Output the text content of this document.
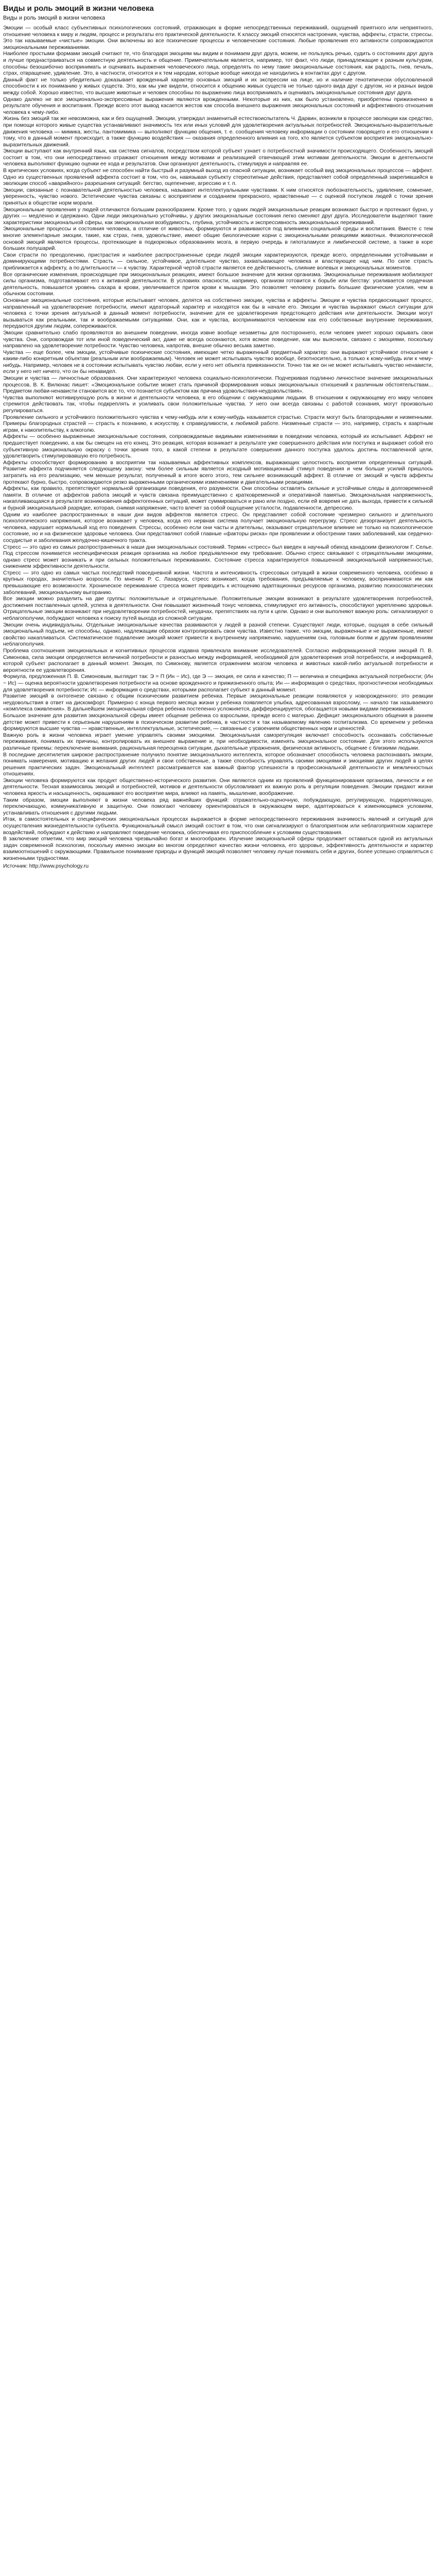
Виды и роль эмоций в жизни человека
Виды и роль эмоций в жизни человека

Эмоции — особый класс субъективных психологических состояний, отражающих в форме непосредственных переживаний, ощущений приятного или неприятного, отношение человека к миру и людям, процесс и результаты его практической деятельности. К классу эмоций относятся настроения, чувства, аффекты, страсти, стрессы. Это так называемые «чистые» эмоции. Они включены во все психические процессы и человеческие состояния. Любые проявления его активности сопровождаются эмоциональными переживаниями.

Наиболее простыми формами эмоций считают те, что благодаря эмоциям мы видим и понимаем друг друга, можем, не пользуясь речью, судить о состояниях друг друга и лучше преднастраиваться на совместную деятельность и общение. Примечательным является, например, тот факт, что люди, принадлежащие к разным культурам, способны безошибочно воспринимать и оценивать выражения человеческого лица, определять по нему такие эмоциональные состояния, как радость, гнев, печаль, страх, отвращение, удивление. Это, в частности, относится и к тем народам, которые вообще никогда не находились в контактах друг с другом.

Данный факт не только убедительно доказывает врожденный характер основных эмоций и их экспрессии на лице, но и наличие генотипически обусловленной способности к их пониманию у живых существ. Это, как мы уже видели, относится к общению живых существ не только одного вида друг с другом, но и разных видов между собой. Хорошо известно, что высшие животные и человек способны по выражению лица воспринимать и оценивать эмоциональные состояния друг друга.

Однако далеко не все эмоционально-экспрессивные выражения являются врожденными. Некоторые из них, как было установлено, приобретены прижизненно в результате обучения и воспитания. Прежде всего этот вывод касается жестов как способа внешнего выражения эмоциональных состояний и аффективного отношения человека к чему-либо.

Жизнь без эмоций так же невозможна, как и без ощущений. Эмоции, утверждал знаменитый естествоиспытатель Ч. Дарвин, возникли в процессе эволюции как средство, при помощи которого живые существа устанавливают значимость тех или иных условий для удовлетворения актуальных потребностей. Эмоционально-выразительные движения человека — мимика, жесты, пантомимика — выполняют функцию общения, т. е. сообщения человеку информации о состоянии говорящего и его отношении к тому, что в данный момент происходит, а также функцию воздействия — оказания определенного влияния на того, кто является субъектом восприятия эмоционально-выразительных движений.

Эмоции выступают как внутренний язык, как система сигналов, посредством которой субъект узнает о потребностной значимости происходящего. Особенность эмоций состоит в том, что они непосредственно отражают отношения между мотивами и реализацией отвечающей этим мотивам деятельности. Эмоции в деятельности человека выполняют функцию оценки ее хода и результатов. Они организуют деятельность, стимулируя и направляя ее.

В критических условиях, когда субъект не способен найти быстрый и разумный выход из опасной ситуации, возникает особый вид эмоциональных процессов — аффект. Одно из существенных проявлений аффекта состоит в том, что он, навязывая субъекту стереотипные действия, представляет собой определенный закрепившийся в эволюции способ «аварийного» разрешения ситуаций: бегство, оцепенение, агрессию и т. п.

Эмоции, связанные с познавательной деятельностью человека, называют интеллектуальными чувствами. К ним относятся любознательность, удивление, сомнение, уверенность, чувство нового. Эстетические чувства связаны с восприятием и созданием прекрасного, нравственные — с оценкой поступков людей с точки зрения принятых в обществе норм морали.

Эмоциональные проявления у людей отличаются большим разнообразием. Кроме того, у одних людей эмоциональные реакции возникают быстро и протекают бурно, у других — медленно и сдержанно. Одни люди эмоционально устойчивы, у других эмоциональные состояния легко сменяют друг друга. Исследователи выделяют такие характеристики эмоциональной сферы, как эмоциональная возбудимость, глубина, устойчивость и экспрессивность эмоциональных переживаний.

Эмоциональные процессы и состояния человека, в отличие от животных, формируются и развиваются под влиянием социальной среды и воспитания. Вместе с тем многие элементарные эмоции, такие, как страх, гнев, удовольствие, имеют общие биологические корни с эмоциональными реакциями животных. Физиологической основой эмоций являются процессы, протекающие в подкорковых образованиях мозга, в первую очередь в гипоталамусе и лимбической системе, а также в коре больших полушарий.

Свои страсти по преодолению, пристрастия и наиболее распространенные среди людей эмоции характеризуются, прежде всего, определенными устойчивыми и доминирующими потребностями. Страсть — сильное, устойчивое, длительное чувство, захватывающее человека и властвующее над ним. По силе страсть приближается к аффекту, а по длительности — к чувству. Характерной чертой страсти является ее действенность, слияние волевых и эмоциональных моментов.

Все органические изменения, происходящие при эмоциональных реакциях, имеют большое значение для жизни организма. Эмоциональные переживания мобилизуют силы организма, подготавливают его к активной деятельности. В условиях опасности, например, организм готовится к борьбе или бегству: усиливается сердечная деятельность, повышается уровень сахара в крови, увеличивается приток крови к мышцам. Это позволяет человеку развить большие физические усилия, чем в обычном состоянии.

Основные эмоциональные состояния, которые испытывает человек, делятся на собственно эмоции, чувства и аффекты. Эмоции и чувства предвосхищают процесс, направленный на удовлетворение потребности, имеют идеаторный характер и находятся как бы в начале его. Эмоции и чувства выражают смысл ситуации для человека с точки зрения актуальной в данный момент потребности, значение для ее удовлетворения предстоящего действия или деятельности. Эмоции могут вызываться как реальными, так и воображаемыми ситуациями. Они, как и чувства, воспринимаются человеком как его собственные внутренние переживания, передаются другим людям, сопереживаются.

Эмоции сравнительно слабо проявляются во внешнем поведении, иногда извне вообще незаметны для постороннего, если человек умеет хорошо скрывать свои чувства. Они, сопровождая тот или иной поведенческий акт, даже не всегда осознаются, хотя всякое поведение, как мы выяснили, связано с эмоциями, поскольку направлено на удовлетворение потребности. Чувство человека, напротив, внешне обычно весьма заметно.

Чувства — еще более, чем эмоции, устойчивые психические состояния, имеющие четко выраженный предметный характер: они выражают устойчивое отношение к каким-либо конкретным объектам (реальным или воображаемым). Человек не может испытывать чувство вообще, безотносительно, а только к кому-нибудь или к чему-нибудь. Например, человек не в состоянии испытывать чувство любви, если у него нет объекта привязанности. Точно так же он не может испытывать чувство ненависти, если у него нет ничего, что он бы ненавидел.

Эмоции и чувства — личностные образования. Они характеризуют человека социально-психологически. Подчеркивая подлинно личностное значение эмоциональных процессов, В. К. Вилюнас пишет: «Эмоциональное событие может стать причиной формирования новых эмоциональных отношений к различным обстоятельствам... Предметом любви-ненависти становится все то, что познается субъектом как причина удовольствия-неудовольствия».

Чувства выполняют мотивирующую роль в жизни и деятельности человека, в его общении с окружающими людьми. В отношении к окружающему его миру человек стремится действовать так, чтобы подкреплять и усиливать свои положительные чувства. У него они всегда связаны с работой сознания, могут произвольно регулироваться.

Проявление сильного и устойчивого положительного чувства к чему-нибудь или к кому-нибудь называется страстью. Страсти могут быть благородными и низменными. Примеры благородных страстей — страсть к познанию, к искусству, к справедливости, к любимой работе. Низменные страсти — это, например, страсть к азартным играм, к накопительству, к алкоголю.

Аффекты — особенно выраженные эмоциональные состояния, сопровождаемые видимыми изменениями в поведении человека, который их испытывает. Аффект не предшествует поведению, а как бы смещен на его конец. Это реакция, которая возникает в результате уже совершенного действия или поступка и выражает собой его субъективную эмоциональную окраску с точки зрения того, в какой степени в результате совершения данного поступка удалось достичь поставленной цели, удовлетворить стимулировавшую его потребность.

Аффекты способствуют формированию в восприятии так называемых аффективных комплексов, выражающих целостность восприятия определенных ситуаций. Развитие аффекта подчиняется следующему закону: чем более сильным является исходный мотивационный стимул поведения и чем больше усилий пришлось затратить на его реализацию, чем меньше результат, полученный в итоге всего этого, тем сильнее возникающий аффект. В отличие от эмоций и чувств аффекты протекают бурно, быстро, сопровождаются резко выраженными органическими изменениями и двигательными реакциями.

Аффекты, как правило, препятствуют нормальной организации поведения, его разумности. Они способны оставлять сильные и устойчивые следы в долговременной памяти. В отличие от аффектов работа эмоций и чувств связана преимущественно с кратковременной и оперативной памятью. Эмоциональная напряженность, накапливающаяся в результате возникновения аффектогенных ситуаций, может суммироваться и рано или поздно, если ей вовремя не дать выхода, привести к сильной и бурной эмоциональной разрядке, которая, снимая напряжение, часто влечет за собой ощущение усталости, подавленности, депрессию.

Одним из наиболее распространенных в наши дни видов аффектов является стресс. Он представляет собой состояние чрезмерно сильного и длительного психологического напряжения, которое возникает у человека, когда его нервная система получает эмоциональную перегрузку. Стресс дезорганизует деятельность человека, нарушает нормальный ход его поведения. Стрессы, особенно если они часты и длительны, оказывают отрицательное влияние не только на психологическое состояние, но и на физическое здоровье человека. Они представляют собой главные «факторы риска» при проявлении и обострении таких заболеваний, как сердечно-сосудистые и заболевания желудочно-кишечного тракта.

Стресс — это одно из самых распространенных в наши дни эмоциональных состояний. Термин «стресс» был введен в научный обиход канадским физиологом Г. Селье. Под стрессом понимается неспецифическая реакция организма на любое предъявленное ему требование. Обычно стресс связывают с отрицательными эмоциями, однако стресс может возникать и при сильных положительных переживаниях. Состояние стресса характеризуется повышенной эмоциональной напряженностью, снижением эффективности деятельности.

Стресс — это одно из самых частых последствий повседневной жизни. Частота и интенсивность стрессовых ситуаций в жизни современного человека, особенно в крупных городах, значительно возросли. По мнению Р. С. Лазаруса, стресс возникает, когда требования, предъявляемые к человеку, воспринимаются им как превышающие его возможности. Хроническое переживание стресса может приводить к истощению адаптационных ресурсов организма, развитию психосоматических заболеваний, эмоциональному выгоранию.

Все эмоции можно разделить на две группы: положительные и отрицательные. Положительные эмоции возникают в результате удовлетворения потребностей, достижения поставленных целей, успеха в деятельности. Они повышают жизненный тонус человека, стимулируют его активность, способствуют укреплению здоровья. Отрицательные эмоции возникают при неудовлетворении потребностей, неудачах, препятствиях на пути к цели. Однако и они выполняют важную роль: сигнализируют о неблагополучии, побуждают человека к поиску путей выхода из сложной ситуации.

Эмоции очень индивидуальны. Отдельные эмоциональные качества развиваются у людей в разной степени. Существуют люди, которые, ощущая в себе сильный эмоциональный подъем, не способны, однако, надлежащим образом контролировать свои чувства. Известно также, что эмоции, выраженные и не выраженные, имеют свойство накапливаться. Систематическое подавление эмоций может привести к внутреннему напряжению, нарушениям сна, головным болям и другим проявлениям неблагополучия.

Проблема соотношения эмоциональных и когнитивных процессов издавна привлекала внимание исследователей. Согласно информационной теории эмоций П. В. Симонова, сила эмоции определяется величиной потребности и разностью между информацией, необходимой для удовлетворения этой потребности, и информацией, которой субъект располагает в данный момент. Эмоция, по Симонову, является отражением мозгом человека и животных какой-либо актуальной потребности и вероятности ее удовлетворения.

Формула, предложенная П. В. Симоновым, выглядит так: Э = П (Ин − Ис), где Э — эмоция, ее сила и качество; П — величина и специфика актуальной потребности; (Ин − Ис) — оценка вероятности удовлетворения потребности на основе врожденного и прижизненного опыта; Ин — информация о средствах, прогностически необходимых для удовлетворения потребности; Ис — информация о средствах, которыми располагает субъект в данный момент.

Развитие эмоций в онтогенезе связано с общим психическим развитием ребенка. Первые эмоциональные реакции появляются у новорожденного: это реакции неудовольствия в ответ на дискомфорт. Примерно с конца первого месяца жизни у ребенка появляется улыбка, адресованная взрослому, — начало так называемого «комплекса оживления». В дальнейшем эмоциональная сфера ребенка постепенно усложняется, дифференцируется, обогащается новыми видами переживаний.

Большое значение для развития эмоциональной сферы имеет общение ребенка со взрослыми, прежде всего с матерью. Дефицит эмоционального общения в раннем детстве может привести к серьезным нарушениям в психическом развитии ребенка, в частности к так называемому явлению госпитализма. Со временем у ребенка формируются высшие чувства — нравственные, интеллектуальные, эстетические, — связанные с усвоением общественных норм и ценностей.

Важную роль в жизни человека играет умение управлять своими эмоциями. Эмоциональная саморегуляция включает способность осознавать собственные переживания, понимать их причины, контролировать их внешнее выражение и, при необходимости, изменять эмоциональное состояние. Для этого используются различные приемы: переключение внимания, рациональная переоценка ситуации, дыхательные упражнения, физическая активность, общение с близкими людьми.

В последние десятилетия широкое распространение получило понятие эмоционального интеллекта, которое обозначает способность человека распознавать эмоции, понимать намерения, мотивацию и желания других людей и свои собственные, а также способность управлять своими эмоциями и эмоциями других людей в целях решения практических задач. Эмоциональный интеллект рассматривается как важный фактор успешности в профессиональной деятельности и межличностных отношениях.

Эмоции человека формируются как продукт общественно-исторического развития. Они являются одним из проявлений функционирования организма, личности и ее деятельности. Тесная взаимосвязь эмоций и потребностей, мотивов и деятельности обусловливает их важную роль в регуляции поведения. Эмоции придают жизни человека яркость и насыщенность, окрашивают его восприятие мира, влияют на память, мышление, воображение.

Таким образом, эмоции выполняют в жизни человека ряд важнейших функций: отражательно-оценочную, побуждающую, регулирующую, подкрепляющую, переключающую, коммуникативную и защитную. Они помогают человеку ориентироваться в окружающем мире, адаптироваться к изменяющимся условиям, устанавливать отношения с другими людьми.

Итак, в самостоятельных и специфических эмоциональных процессах выражается в форме непосредственного переживания значимость явлений и ситуаций для осуществления жизнедеятельности субъекта. Функциональный смысл эмоций состоит в том, что они сигнализируют о благоприятном или неблагоприятном характере воздействий, побуждают к действию и направляют поведение человека, обеспечивая его приспособление к условиям существования.

В заключение отметим, что мир эмоций человека чрезвычайно богат и многообразен. Изучение эмоциональной сферы продолжает оставаться одной из актуальных задач современной психологии, поскольку именно эмоции во многом определяют качество жизни человека, его здоровье, эффективность деятельности и характер взаимоотношений с окружающими. Правильное понимание природы и функций эмоций позволяет человеку лучше понимать себя и других, более успешно справляться с жизненными трудностями.

Источник: http://www.psychology.ru
